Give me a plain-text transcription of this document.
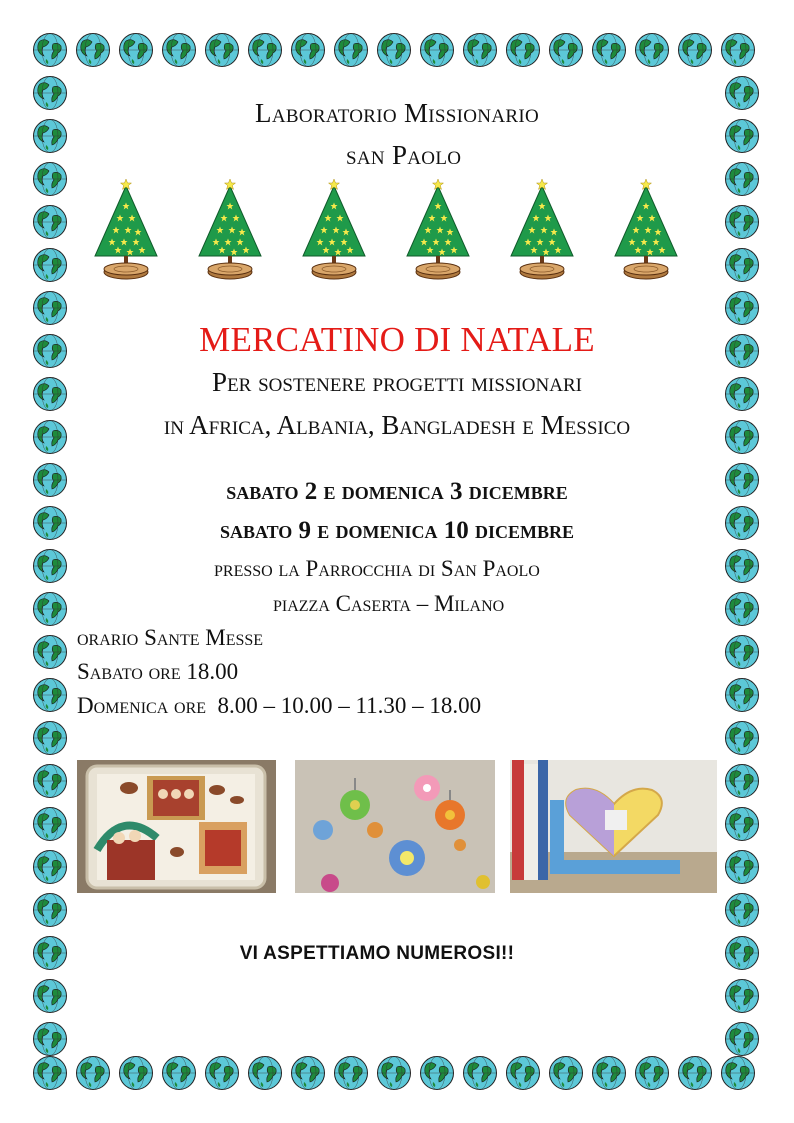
Laboratorio Missionario
san Paolo
MERCATINO DI NATALE
Per sostenere progetti missionari
in Africa, Albania, Bangladesh e Messico
sabato 2 e domenica 3 dicembre
sabato 9 e domenica 10 dicembre
presso la Parrocchia di San Paolo
piazza Caserta – Milano
orario Sante Messe
Sabato ore 18.00
Domenica ore  8.00 – 10.00 – 11.30 – 18.00
VI ASPETTIAMO NUMEROSI!!
